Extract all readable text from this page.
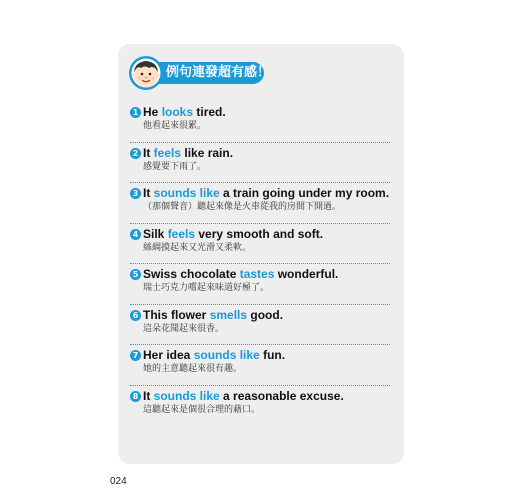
例句連發超有感！
1 He looks tired.
他看起來很累。
2 It feels like rain.
感覺要下雨了。
3 It sounds like a train going under my room.
（那個聲音）聽起來像是火車從我的房間下開過。
4 Silk feels very smooth and soft.
絲綢摸起來又光滑又柔軟。
5 Swiss chocolate tastes wonderful.
瑞士巧克力嚐起來味道好極了。
6 This flower smells good.
這朵花聞起來很香。
7 Her idea sounds like fun.
她的主意聽起來很有趣。
8 It sounds like a reasonable excuse.
這聽起來是個很合理的藉口。
024
